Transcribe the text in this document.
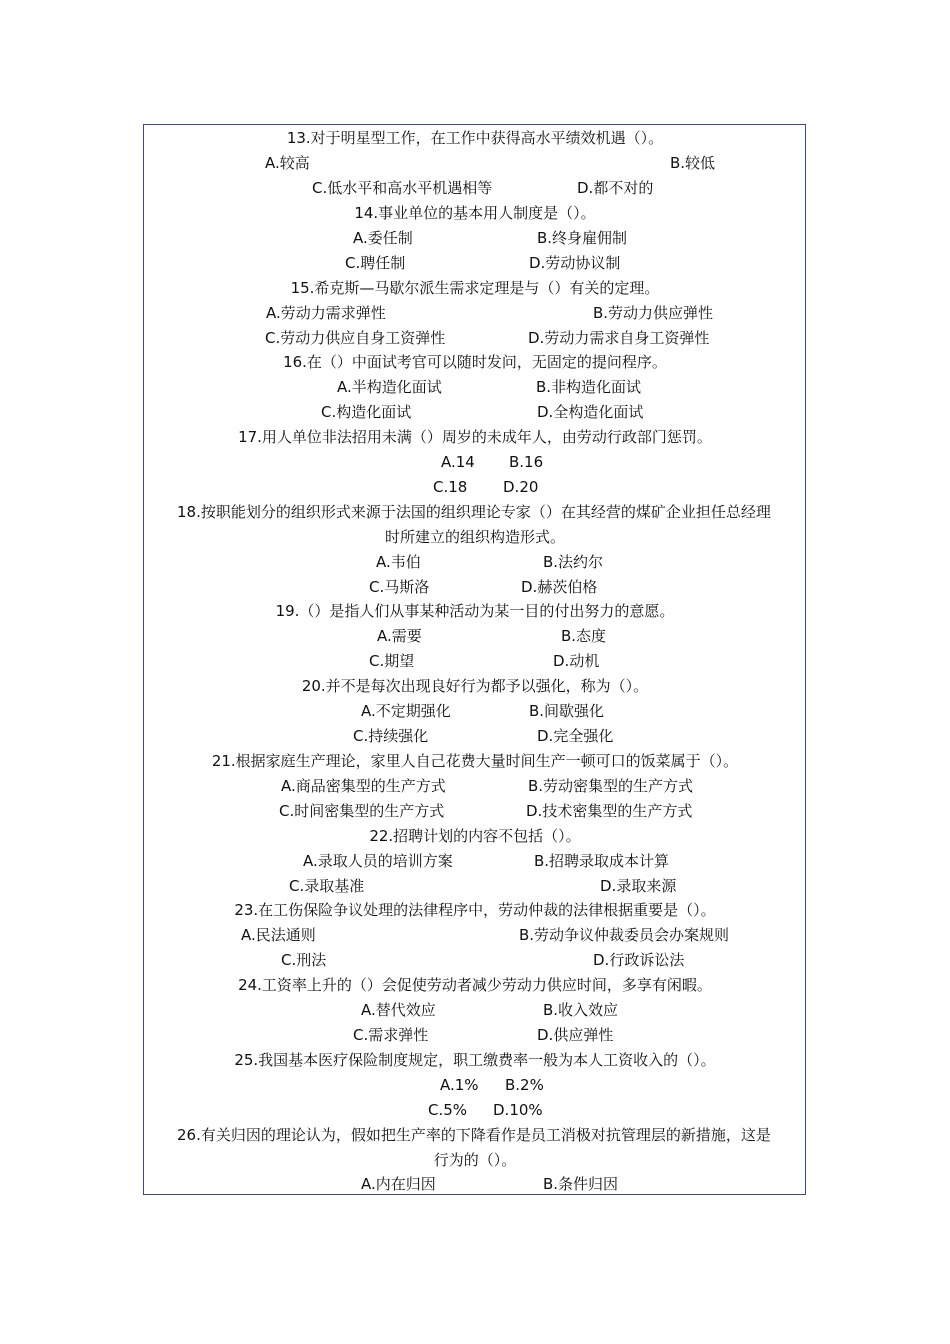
13.对于明星型工作，在工作中获得高水平绩效机遇（）。
A.较高	B.较低
C.低水平和高水平机遇相等	D.都不对的
14.事业单位的基本用人制度是（）。
A.委任制	B.终身雇佣制
C.聘任制	D.劳动协议制
15.希克斯—马歇尔派生需求定理是与（）有关的定理。
A.劳动力需求弹性	B.劳动力供应弹性
C.劳动力供应自身工资弹性	D.劳动力需求自身工资弹性
16.在（）中面试考官可以随时发问，无固定的提问程序。
A.半构造化面试	B.非构造化面试
C.构造化面试	D.全构造化面试
17.用人单位非法招用未满（）周岁的未成年人，由劳动行政部门惩罚。
A.14 B.16
C.18 D.20
18.按职能划分的组织形式来源于法国的组织理论专家（）在其经营的煤矿企业担任总经理
时所建立的组织构造形式。
A.韦伯	B.法约尔
C.马斯洛	D.赫茨伯格
19.（）是指人们从事某种活动为某一目的付出努力的意愿。
A.需要	B.态度
C.期望	D.动机
20.并不是每次出现良好行为都予以强化，称为（）。
A.不定期强化	B.间歇强化
C.持续强化	D.完全强化
21.根据家庭生产理论，家里人自己花费大量时间生产一顿可口的饭菜属于（）。
A.商品密集型的生产方式	B.劳动密集型的生产方式
C.时间密集型的生产方式	D.技术密集型的生产方式
22.招聘计划的内容不包括（）。
A.录取人员的培训方案	B.招聘录取成本计算
C.录取基准	D.录取来源
23.在工伤保险争议处理的法律程序中，劳动仲裁的法律根据重要是（）。
A.民法通则	B.劳动争议仲裁委员会办案规则
C.刑法	D.行政诉讼法
24.工资率上升的（）会促使劳动者减少劳动力供应时间，多享有闲暇。
A.替代效应	B.收入效应
C.需求弹性	D.供应弹性
25.我国基本医疗保险制度规定，职工缴费率一般为本人工资收入的（）。
A.1% B.2%
C.5% D.10%
26.有关归因的理论认为，假如把生产率的下降看作是员工消极对抗管理层的新措施，这是
行为的（）。
A.内在归因	B.条件归因
